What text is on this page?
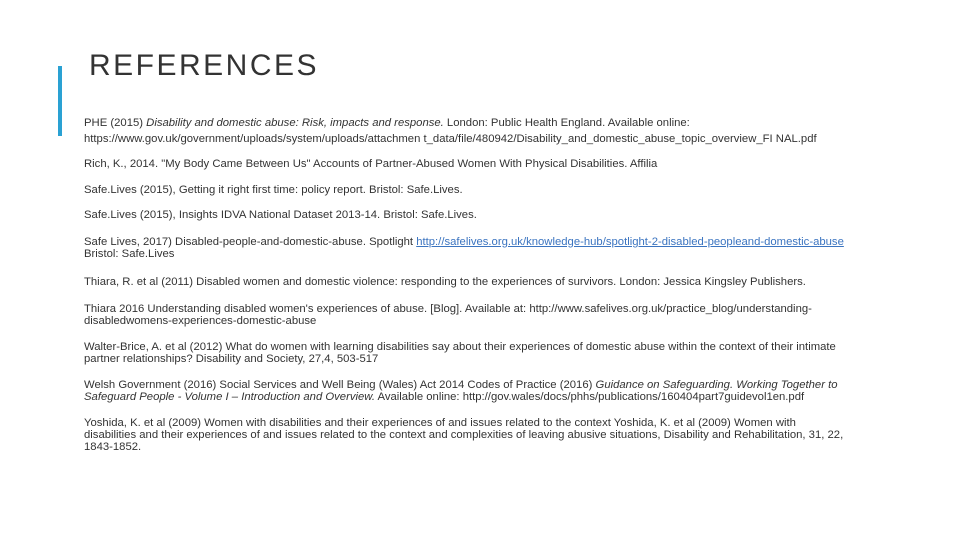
REFERENCES

PHE (2015) Disability and domestic abuse: Risk, impacts and response. London: Public Health England. Available online: https://www.gov.uk/government/uploads/system/uploads/attachmen t_data/file/480942/Disability_and_domestic_abuse_topic_overview_FI NAL.pdf

Rich, K., 2014. "My Body Came Between Us" Accounts of Partner-Abused Women With Physical Disabilities. Affilia

Safe.Lives (2015), Getting it right first time: policy report. Bristol: Safe.Lives.

Safe.Lives (2015), Insights IDVA National Dataset 2013-14. Bristol: Safe.Lives.

Safe Lives, 2017) Disabled-people-and-domestic-abuse. Spotlight http://safelives.org.uk/knowledge-hub/spotlight-2-disabled-peopleand-domestic-abuse Bristol: Safe.Lives

Thiara, R. et al (2011) Disabled women and domestic violence: responding to the experiences of survivors. London: Jessica Kingsley Publishers.

Thiara 2016 Understanding disabled women's experiences of abuse. [Blog]. Available at: http://www.safelives.org.uk/practice_blog/understanding-disabledwomens-experiences-domestic-abuse

Walter-Brice, A. et al (2012) What do women with learning disabilities say about their experiences of domestic abuse within the context of their intimate partner relationships? Disability and Society, 27,4, 503-517

Welsh Government (2016) Social Services and Well Being (Wales) Act 2014 Codes of Practice (2016) Guidance on Safeguarding. Working Together to Safeguard People - Volume I – Introduction and Overview. Available online: http://gov.wales/docs/phhs/publications/160404part7guidevol1en.pdf

Yoshida, K. et al (2009) Women with disabilities and their experiences of and issues related to the context Yoshida, K. et al (2009) Women with disabilities and their experiences of and issues related to the context and complexities of leaving abusive situations, Disability and Rehabilitation, 31, 22, 1843-1852.
